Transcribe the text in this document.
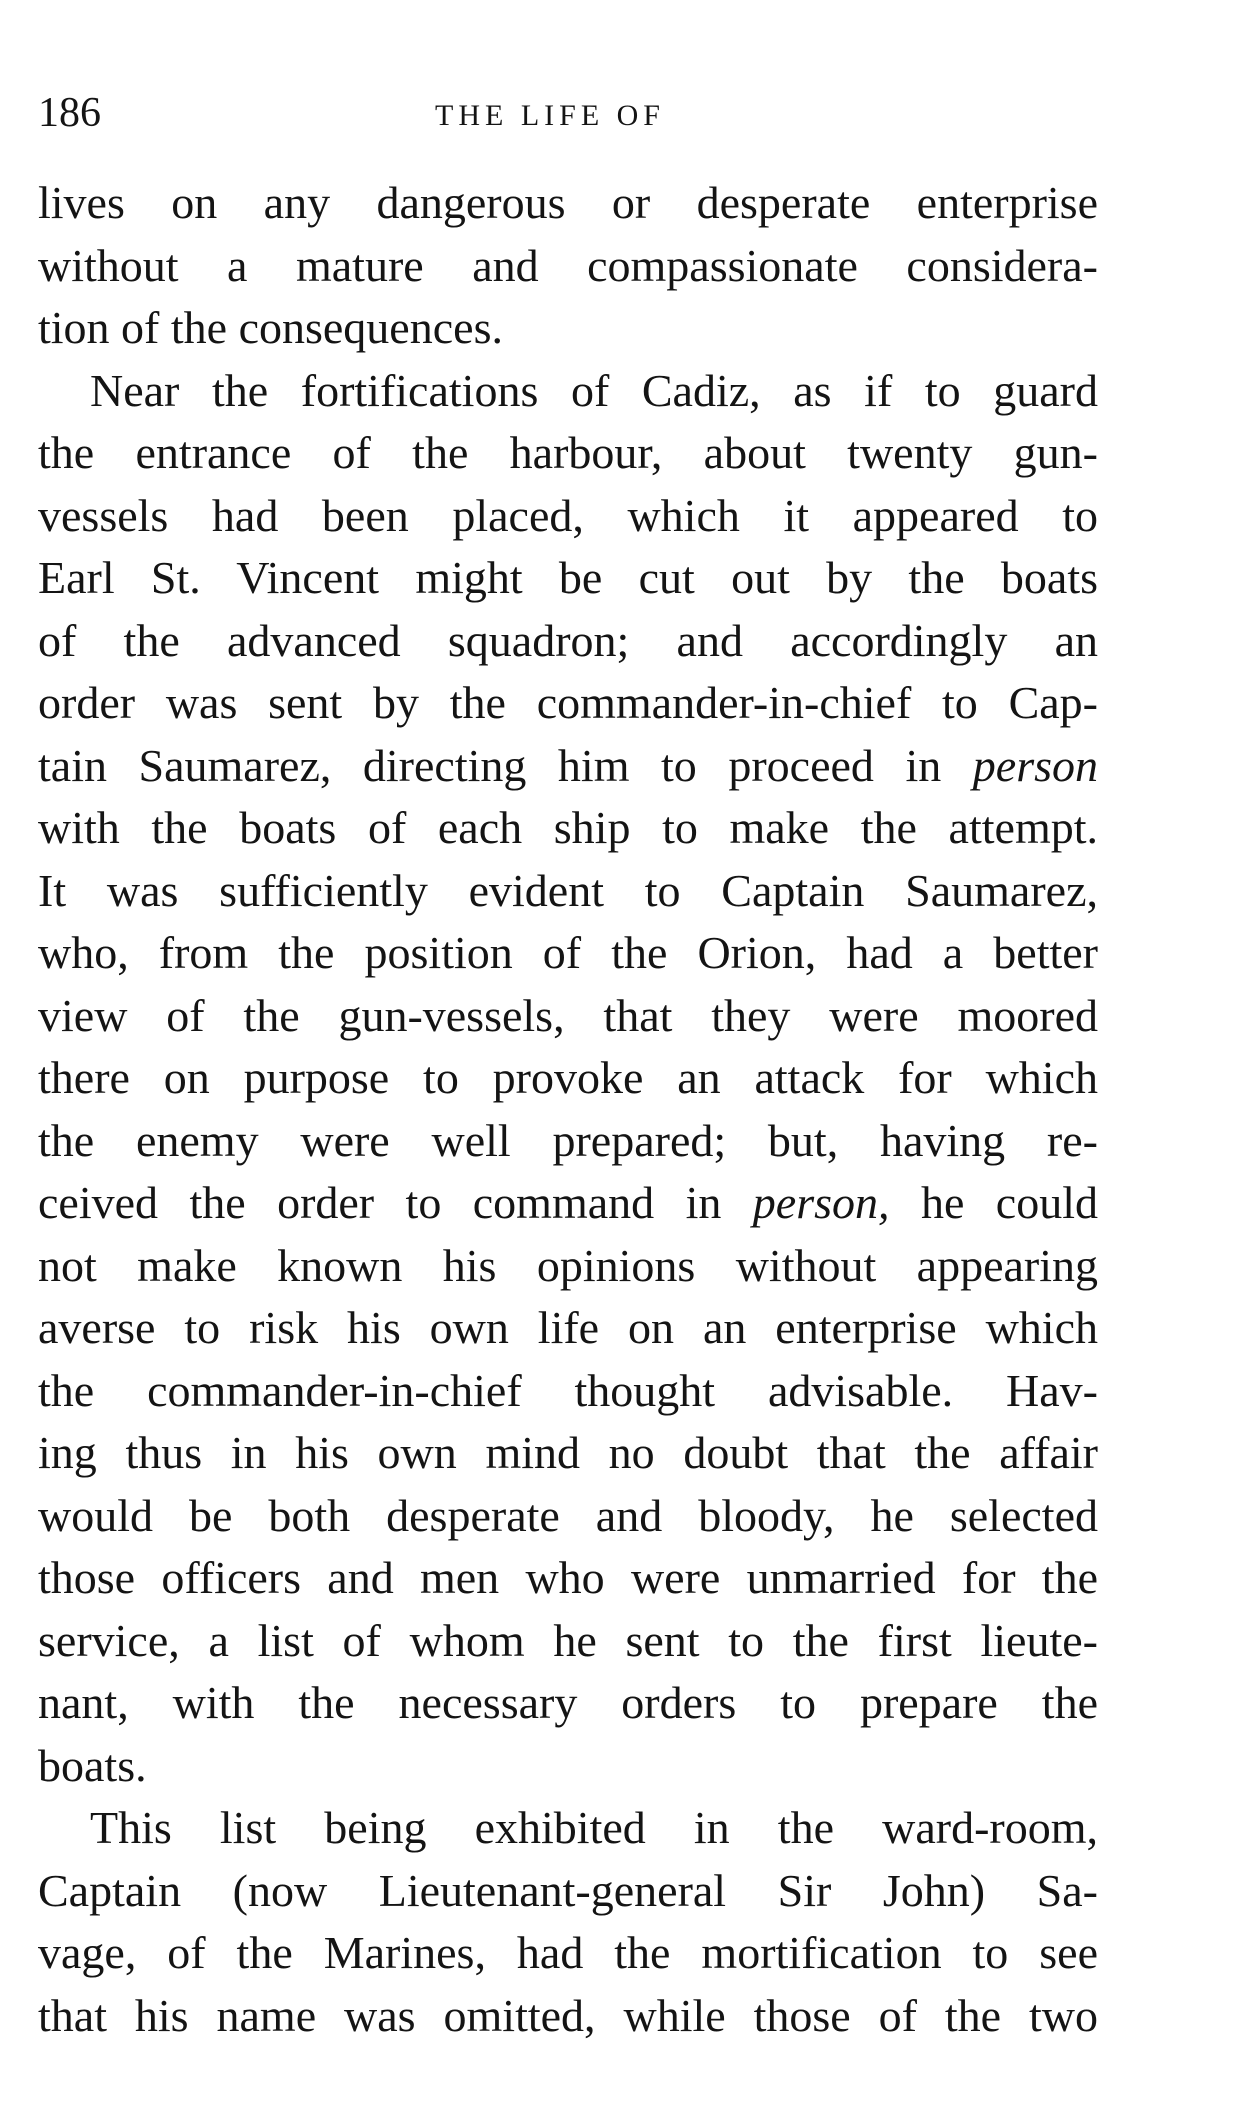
186	THE LIFE OF
lives on any dangerous or desperate enterprise
without a mature and compassionate considera-
tion of the consequences.
Near the fortifications of Cadiz, as if to guard
the entrance of the harbour, about twenty gun-
vessels had been placed, which it appeared to
Earl St. Vincent might be cut out by the boats
of the advanced squadron; and accordingly an
order was sent by the commander-in-chief to Cap-
tain Saumarez, directing him to proceed in person
with the boats of each ship to make the attempt.
It was sufficiently evident to Captain Saumarez,
who, from the position of the Orion, had a better
view of the gun-vessels, that they were moored
there on purpose to provoke an attack for which
the enemy were well prepared; but, having re-
ceived the order to command in person, he could
not make known his opinions without appearing
averse to risk his own life on an enterprise which
the commander-in-chief thought advisable. Hav-
ing thus in his own mind no doubt that the affair
would be both desperate and bloody, he selected
those officers and men who were unmarried for the
service, a list of whom he sent to the first lieute-
nant, with the necessary orders to prepare the
boats.
This list being exhibited in the ward-room,
Captain (now Lieutenant-general Sir John) Sa-
vage, of the Marines, had the mortification to see
that his name was omitted, while those of the two
